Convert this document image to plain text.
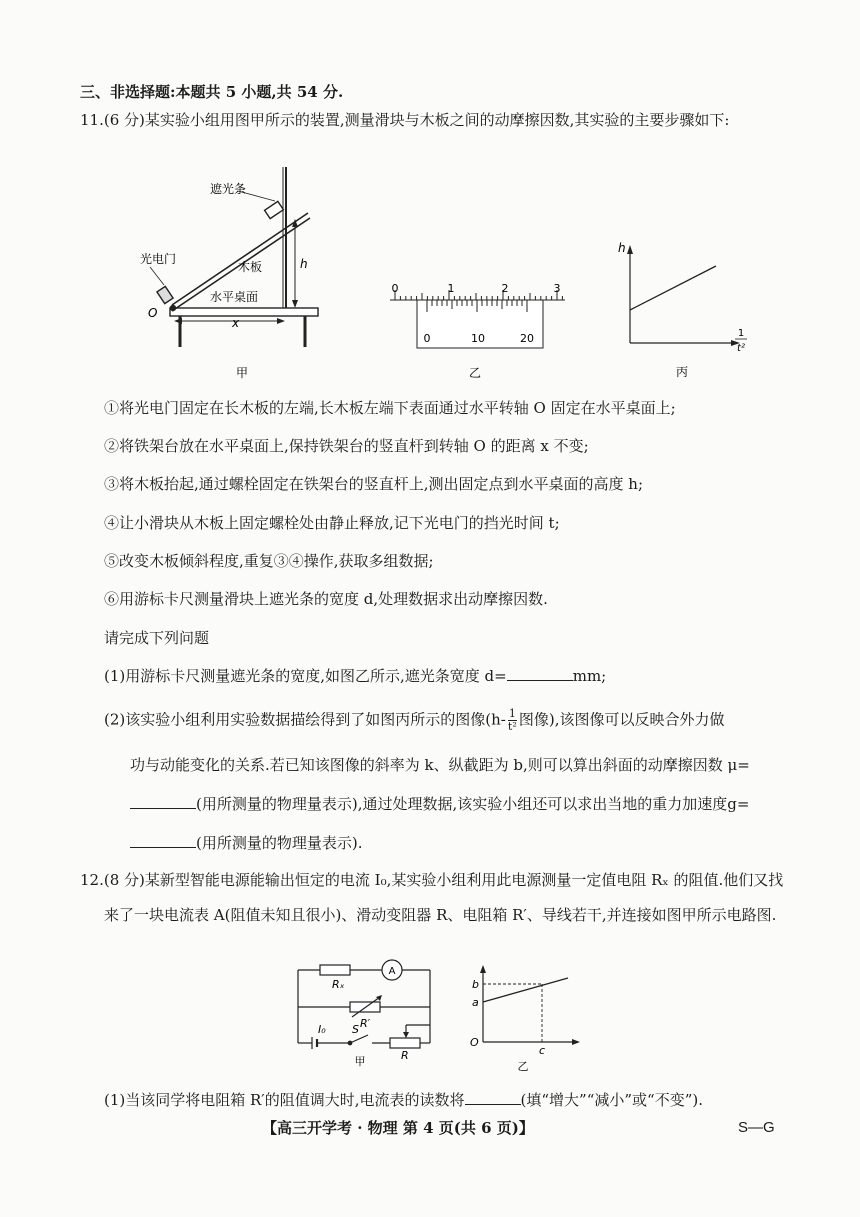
三、非选择题:本题共 5 小题,共 54 分.
11.(6 分)某实验小组用图甲所示的装置,测量滑块与木板之间的动摩擦因数,其实验的主要步骤如下:
遮光条
光电门
木板	h
水平桌面
O
x
甲
0	1	2	3
0	10	20
乙
h
1
t²
丙
①将光电门固定在长木板的左端,长木板左端下表面通过水平转轴 O 固定在水平桌面上;
②将铁架台放在水平桌面上,保持铁架台的竖直杆到转轴 O 的距离 x 不变;
③将木板抬起,通过螺栓固定在铁架台的竖直杆上,测出固定点到水平桌面的高度 h;
④让小滑块从木板上固定螺栓处由静止释放,记下光电门的挡光时间 t;
⑤改变木板倾斜程度,重复③④操作,获取多组数据;
⑥用游标卡尺测量滑块上遮光条的宽度 d,处理数据求出动摩擦因数.
请完成下列问题
(1)用游标卡尺测量遮光条的宽度,如图乙所示,遮光条宽度 d=	mm;
(2)该实验小组利用实验数据描绘得到了如图丙所示的图像($h- \frac{1}{\text{t²}}$ 图像),该图像可以反映合外力做
功与动能变化的关系.若已知该图像的斜率为 k、纵截距为 b,则可以算出斜面的动摩擦因数 μ=
(用所测量的物理量表示),通过处理数据,该实验小组还可以求出当地的重力加速度g=
(用所测量的物理量表示).
12.(8 分)某新型智能电源能输出恒定的电流 I₀,某实验小组利用此电源测量一定值电阻 Rₓ 的阻值.他们又找
来了一块电流表 A(阻值未知且很小)、滑动变阻器 R、电阻箱 R′、导线若干,并连接如图甲所示电路图.
Rₓ
A
R′
I₀ S
R
甲
b
a
O
c
乙
(1)当该同学将电阻箱 R′的阻值调大时,电流表的读数将	(填“增大”“减小”或“不变”).
【高三开学考 · 物理 第 4 页(共 6 页)】	S—G
